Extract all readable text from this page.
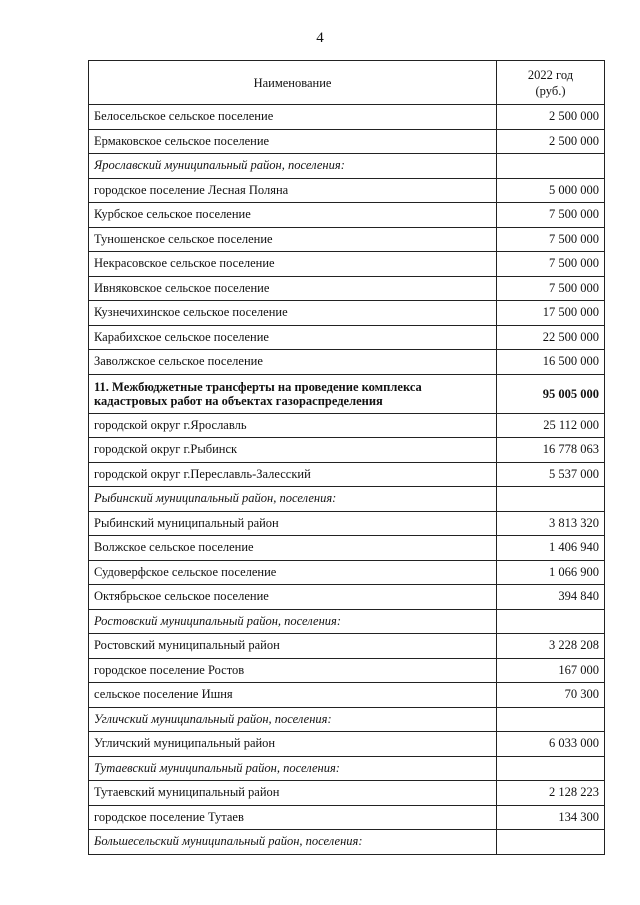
4
Наименование	2022 год
(руб.)

Белосельское сельское поселение	2 500 000
Ермаковское сельское поселение	2 500 000
Ярославский муниципальный район, поселения:	
городское поселение Лесная Поляна	5 000 000
Курбское сельское поселение	7 500 000
Туношенское сельское поселение	7 500 000
Некрасовское сельское поселение	7 500 000
Ивняковское сельское поселение	7 500 000
Кузнечихинское сельское поселение	17 500 000
Карабихское сельское поселение	22 500 000
Заволжское сельское поселение	16 500 000
11. Межбюджетные трансферты на проведение комплекса кадастровых работ на объектах газораспределения	95 005 000
городской округ г.Ярославль	25 112 000
городской округ г.Рыбинск	16 778 063
городской округ г.Переславль-Залесский	5 537 000
Рыбинский муниципальный район, поселения:	
Рыбинский муниципальный район	3 813 320
Волжское сельское поселение	1 406 940
Судоверфское сельское поселение	1 066 900
Октябрьское сельское поселение	394 840
Ростовский муниципальный район, поселения:	
Ростовский муниципальный район	3 228 208
городское поселение Ростов	167 000
сельское поселение Ишня	70 300
Угличский муниципальный район, поселения:	
Угличский муниципальный район	6 033 000
Тутаевский муниципальный район, поселения:	
Тутаевский муниципальный район	2 128 223
городское поселение Тутаев	134 300
Большесельский муниципальный район, поселения:	
